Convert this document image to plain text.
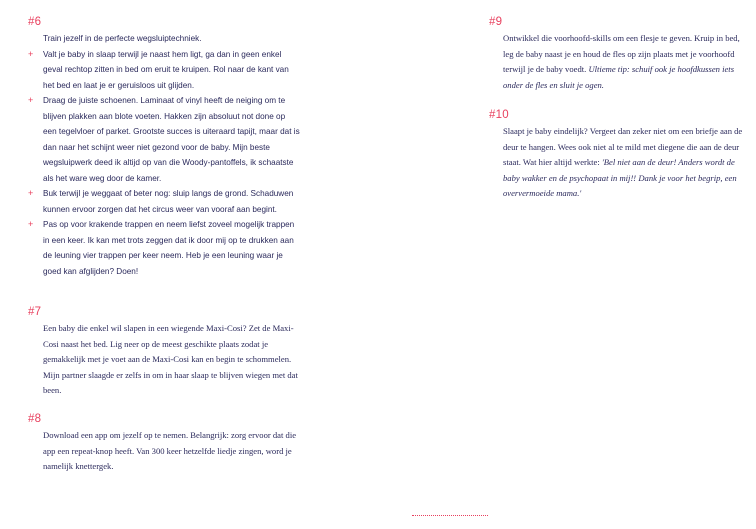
#6
Train jezelf in de perfecte wegsluiptechniek.
+ Valt je baby in slaap terwijl je naast hem ligt, ga dan in geen enkel geval rechtop zitten in bed om eruit te kruipen. Rol naar de kant van het bed en laat je er geruisloos uit glijden.
+ Draag de juiste schoenen. Laminaat of vinyl heeft de neiging om te blijven plakken aan blote voeten. Hakken zijn absoluut not done op een tegelvloer of parket. Grootste succes is uiteraard tapijt, maar dat is dan naar het schijnt weer niet gezond voor de baby. Mijn beste wegsluipwerk deed ik altijd op van die Woody-pantoffels, ik schaatste als het ware weg door de kamer.
+ Buk terwijl je weggaat of beter nog: sluip langs de grond. Schaduwen kunnen ervoor zorgen dat het circus weer van vooraf aan begint.
+ Pas op voor krakende trappen en neem liefst zoveel mogelijk trappen in een keer. Ik kan met trots zeggen dat ik door mij op te drukken aan de leuning vier trappen per keer neem. Heb je een leuning waar je goed kan afglijden? Doen!
#7

Een baby die enkel wil slapen in een wiegende Maxi-Cosi? Zet de Maxi-Cosi naast het bed. Lig neer op de meest geschikte plaats zodat je gemakkelijk met je voet aan de Maxi-Cosi kan en begin te schommelen. Mijn partner slaagde er zelfs in om in haar slaap te blijven wiegen met dat been.

#8

Download een app om jezelf op te nemen. Belangrijk: zorg ervoor dat die app een repeat-knop heeft. Van 300 keer hetzelfde liedje zingen, word je namelijk knettergek.

#9

Ontwikkel die voorhoofd-skills om een flesje te geven. Kruip in bed, leg de baby naast je en houd de fles op zijn plaats met je voorhoofd terwijl je de baby voedt. Ultieme tip: schuif ook je hoofdkussen iets onder de fles en sluit je ogen.

#10

Slaapt je baby eindelijk? Vergeet dan zeker niet om een briefje aan de deur te hangen. Wees ook niet al te mild met diegene die aan de deur staat. Wat hier altijd werkte: 'Bel niet aan de deur! Anders wordt de baby wakker en de psychopaat in mij!! Dank je voor het begrip, een oververmoeide mama.'
